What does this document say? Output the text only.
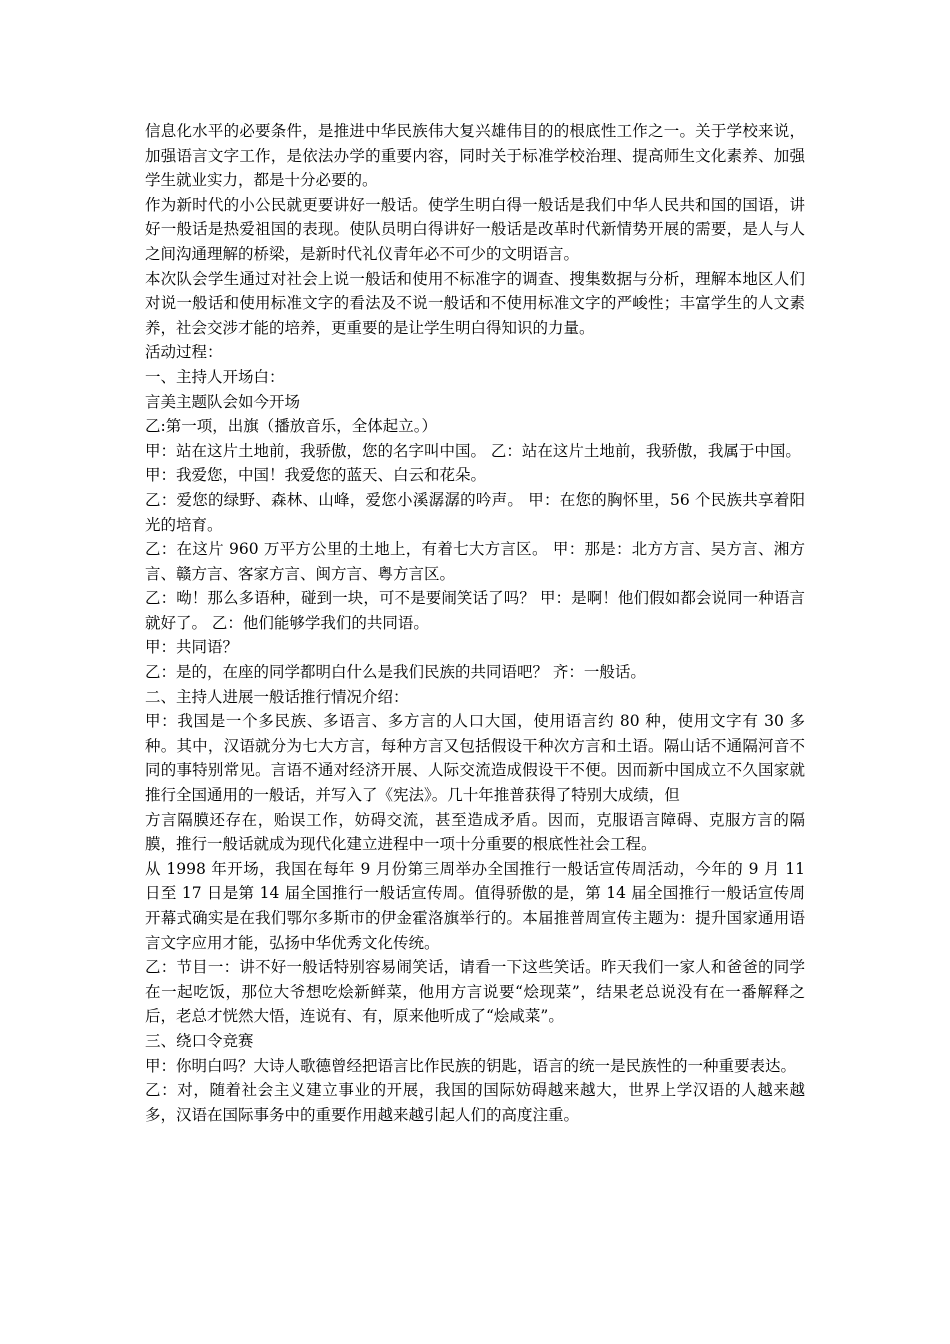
信息化水平的必要条件，是推进中华民族伟大复兴雄伟目的的根底性工作之一。关于学校来说，加强语言文字工作，是依法办学的重要内容，同时关于标准学校治理、提高师生文化素养、加强学生就业实力，都是十分必要的。

作为新时代的小公民就更要讲好一般话。使学生明白得一般话是我们中华人民共和国的国语，讲好一般话是热爱祖国的表现。使队员明白得讲好一般话是改革时代新情势开展的需要，是人与人之间沟通理解的桥梁，是新时代礼仪青年必不可少的文明语言。

本次队会学生通过对社会上说一般话和使用不标准字的调查、搜集数据与分析，理解本地区人们对说一般话和使用标准文字的看法及不说一般话和不使用标准文字的严峻性；丰富学生的人文素养，社会交涉才能的培养，更重要的是让学生明白得知识的力量。

活动过程：

一、主持人开场白：

言美主题队会如今开场

乙:第一项，出旗（播放音乐，全体起立。）

甲：站在这片土地前，我骄傲，您的名字叫中国。 乙：站在这片土地前，我骄傲，我属于中国。

甲：我爱您，中国！我爱您的蓝天、白云和花朵。

乙：爱您的绿野、森林、山峰，爱您小溪潺潺的吟声。 甲：在您的胸怀里，56 个民族共享着阳光的培育。

乙：在这片 960 万平方公里的土地上，有着七大方言区。 甲：那是：北方方言、吴方言、湘方言、赣方言、客家方言、闽方言、粤方言区。

乙：呦！那么多语种，碰到一块，可不是要闹笑话了吗？ 甲：是啊！他们假如都会说同一种语言就好了。 乙：他们能够学我们的共同语。

甲：共同语？

乙：是的，在座的同学都明白什么是我们民族的共同语吧？ 齐：一般话。

二、主持人进展一般话推行情况介绍：

甲：我国是一个多民族、多语言、多方言的人口大国，使用语言约 80 种，使用文字有 30 多种。其中，汉语就分为七大方言，每种方言又包括假设干种次方言和土语。隔山话不通隔河音不同的事特别常见。言语不通对经济开展、人际交流造成假设干不便。因而新中国成立不久国家就推行全国通用的一般话，并写入了《宪法》。几十年推普获得了特别大成绩，但

方言隔膜还存在，贻误工作，妨碍交流，甚至造成矛盾。因而，克服语言障碍、克服方言的隔膜，推行一般话就成为现代化建立进程中一项十分重要的根底性社会工程。

从 1998 年开场，我国在每年 9 月份第三周举办全国推行一般话宣传周活动，今年的 9 月 11 日至 17 日是第 14 届全国推行一般话宣传周。值得骄傲的是，第 14 届全国推行一般话宣传周开幕式确实是在我们鄂尔多斯市的伊金霍洛旗举行的。本届推普周宣传主题为：提升国家通用语言文字应用才能，弘扬中华优秀文化传统。

乙：节目一：讲不好一般话特别容易闹笑话，请看一下这些笑话。昨天我们一家人和爸爸的同学在一起吃饭，那位大爷想吃烩新鲜菜，他用方言说要“烩现菜”，结果老总说没有在一番解释之后，老总才恍然大悟，连说有、有，原来他听成了“烩咸菜”。

三、绕口令竞赛

甲：你明白吗？大诗人歌德曾经把语言比作民族的钥匙，语言的统一是民族性的一种重要表达。

乙：对，随着社会主义建立事业的开展，我国的国际妨碍越来越大，世界上学汉语的人越来越多，汉语在国际事务中的重要作用越来越引起人们的高度注重。
